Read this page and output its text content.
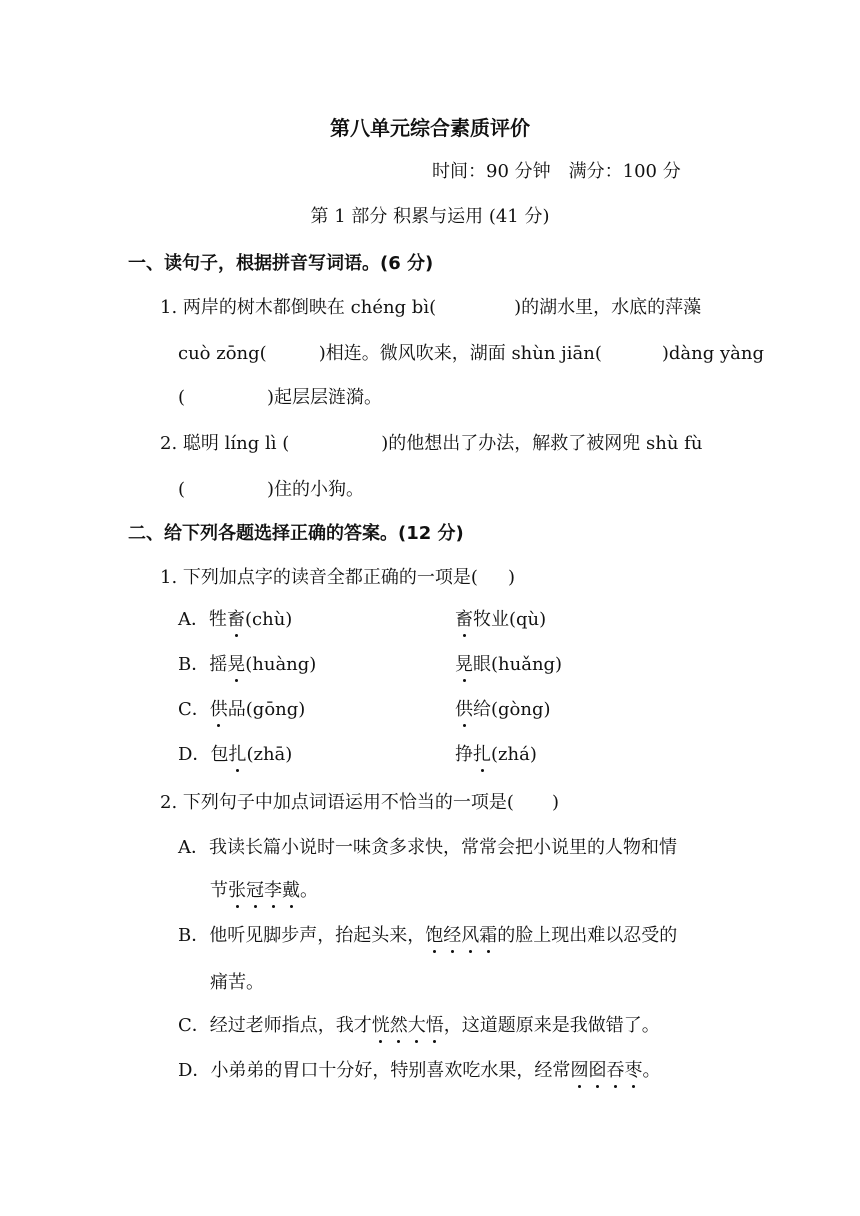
第八单元综合素质评价
时间：90 分钟　满分：100 分
第 1 部分 积累与运用 (41 分)
一、读句子，根据拼音写词语。(6 分)
1. 两岸的树木都倒映在 chéng bì(	)的湖水里，水底的萍藻
cuò zōng(	)相连。微风吹来，湖面 shùn jiān(	)dàng yàng
(	)起层层涟漪。
2. 聪明 líng lì (	)的他想出了办法，解救了被网兜 shù fù
(	)住的小狗。
二、给下列各题选择正确的答案。(12 分)
1. 下列加点字的读音全都正确的一项是( )
A．牲畜(chù)	畜牧业(qù)
B．摇晃(huàng)	晃眼(huǎng)
C．供品(gōng)	供给(gòng)
D．包扎(zhā)	挣扎(zhá)
2. 下列句子中加点词语运用不恰当的一项是( )
A．我读长篇小说时一味贪多求快，常常会把小说里的人物和情
节张冠李戴。
B．他听见脚步声，抬起头来，饱经风霜的脸上现出难以忍受的
痛苦。
C．经过老师指点，我才恍然大悟，这道题原来是我做错了。
D．小弟弟的胃口十分好，特别喜欢吃水果，经常囫囵吞枣。
